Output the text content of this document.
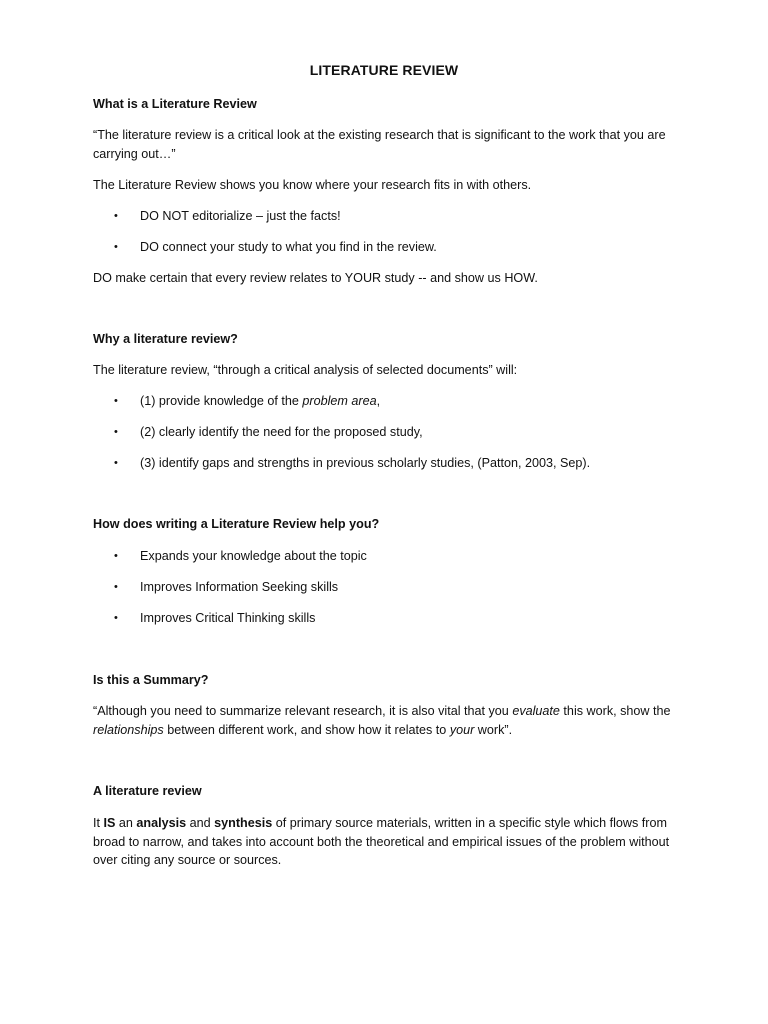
LITERATURE REVIEW
What is a Literature Review
“The literature review is a critical look at the existing research that is significant to the work that you are carrying out…”
The Literature Review shows you know where your research fits in with others.
• DO NOT editorialize – just the facts!
• DO connect your study to what you find in the review.
DO make certain that every review relates to YOUR study -- and show us HOW.
Why a literature review?
The literature review, “through a critical analysis of selected documents” will:
• (1) provide knowledge of the problem area,
• (2) clearly identify the need for the proposed study,
• (3) identify gaps and strengths in previous scholarly studies, (Patton, 2003, Sep).
How does writing a Literature Review help you?
• Expands your knowledge about the topic
• Improves Information Seeking skills
• Improves Critical Thinking skills
Is this a Summary?
“Although you need to summarize relevant research, it is also vital that you evaluate this work, show the relationships between different work, and show how it relates to your work”.
A literature review
It IS an analysis and synthesis of primary source materials, written in a specific style which flows from broad to narrow, and takes into account both the theoretical and empirical issues of the problem without over citing any source or sources.
